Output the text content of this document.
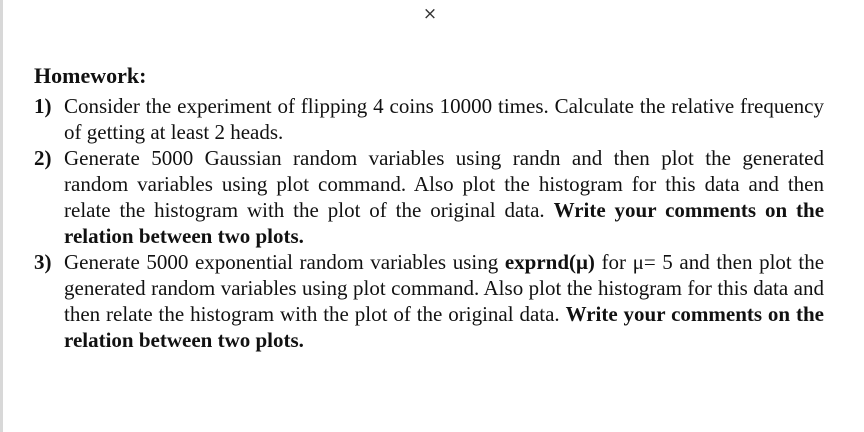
×
Homework:
1) Consider the experiment of flipping 4 coins 10000 times. Calculate the relative frequency of getting at least 2 heads.
2) Generate 5000 Gaussian random variables using randn and then plot the generated random variables using plot command. Also plot the histogram for this data and then relate the histogram with the plot of the original data. Write your comments on the relation between two plots.
3) Generate 5000 exponential random variables using exprnd(μ) for μ= 5 and then plot the generated random variables using plot command. Also plot the histogram for this data and then relate the histogram with the plot of the original data. Write your comments on the relation between two plots.
